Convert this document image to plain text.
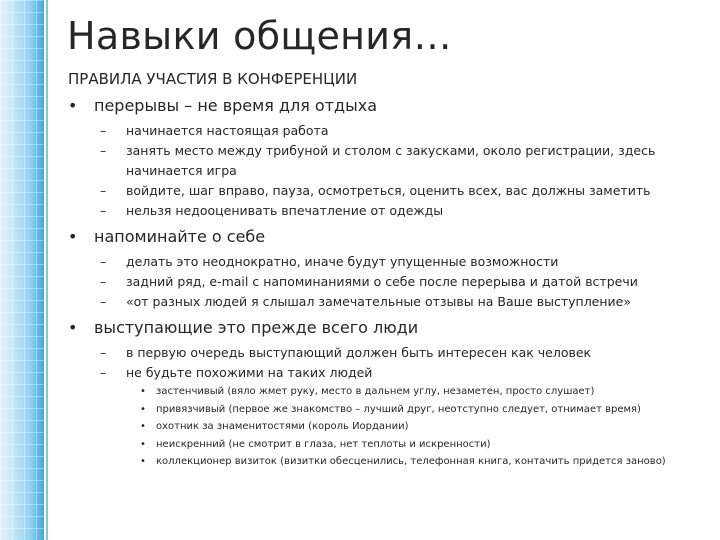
Навыки общения…
ПРАВИЛА УЧАСТИЯ В КОНФЕРЕНЦИИ
• перерывы – не время для отдыха
– начинается настоящая работа
– занять место между трибуной и столом с закусками, около регистрации, здесь начинается игра
– войдите, шаг вправо, пауза, осмотреться, оценить всех, вас должны заметить
– нельзя недооценивать впечатление от одежды
• напоминайте о себе
– делать это неоднократно, иначе будут упущенные возможности
– задний ряд, e-mail с напоминаниями о себе после перерыва и датой встречи
– «от разных людей я слышал замечательные отзывы на Ваше выступление»
• выступающие это прежде всего люди
– в первую очередь выступающий должен быть интересен как человек
– не будьте похожими на таких людей
• застенчивый (вяло жмет руку, место в дальнем углу, незаметен, просто слушает)
• привязчивый (первое же знакомство – лучший друг, неотступно следует, отнимает время)
• охотник за знаменитостями (король Иордании)
• неискренний (не смотрит в глаза, нет теплоты и искренности)
• коллекционер визиток (визитки обесценились, телефонная книга, контачить придется заново)
